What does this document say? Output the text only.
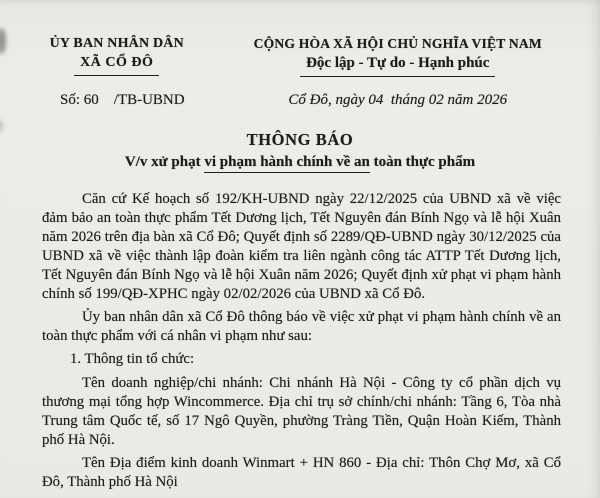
ỦY BAN NHÂN DÂN
XÃ CỔ ĐÔ
CỘNG HÒA XÃ HỘI CHỦ NGHĨA VIỆT NAM
Độc lập - Tự do - Hạnh phúc
Số: 60    /TB-UBND	Cổ Đô, ngày 04  tháng 02 năm 2026
THÔNG BÁO
V/v xử phạt vi phạm hành chính về an toàn thực phẩm

Căn cứ Kế hoạch số 192/KH-UBND ngày 22/12/2025 của UBND xã về việc đảm bảo an toàn thực phẩm Tết Dương lịch, Tết Nguyên đán Bính Ngọ và lễ hội Xuân năm 2026 trên địa bàn xã Cổ Đô; Quyết định số 2289/QĐ-UBND ngày 30/12/2025 của UBND xã về việc thành lập đoàn kiểm tra liên ngành công tác ATTP Tết Dương lịch, Tết Nguyên đán Bính Ngọ và lễ hội Xuân năm 2026; Quyết định xử phạt vi phạm hành chính số 199/QĐ-XPHC ngày 02/02/2026 của UBND xã Cổ Đô.

Ủy ban nhân dân xã Cổ Đô thông báo về việc xử phạt vi phạm hành chính về an toàn thực phẩm với cá nhân vi phạm như sau:

1. Thông tin tổ chức:

Tên doanh nghiệp/chi nhánh: Chi nhánh Hà Nội - Công ty cổ phần dịch vụ thương mại tổng hợp Wincommerce. Địa chỉ trụ sở chính/chi nhánh: Tầng 6, Tòa nhà Trung tâm Quốc tế, số 17 Ngô Quyền, phường Tràng Tiền, Quận Hoàn Kiếm, Thành phố Hà Nội.

Tên Địa điểm kinh doanh Winmart + HN 860 - Địa chỉ: Thôn Chợ Mơ, xã Cổ Đô, Thành phố Hà Nội
